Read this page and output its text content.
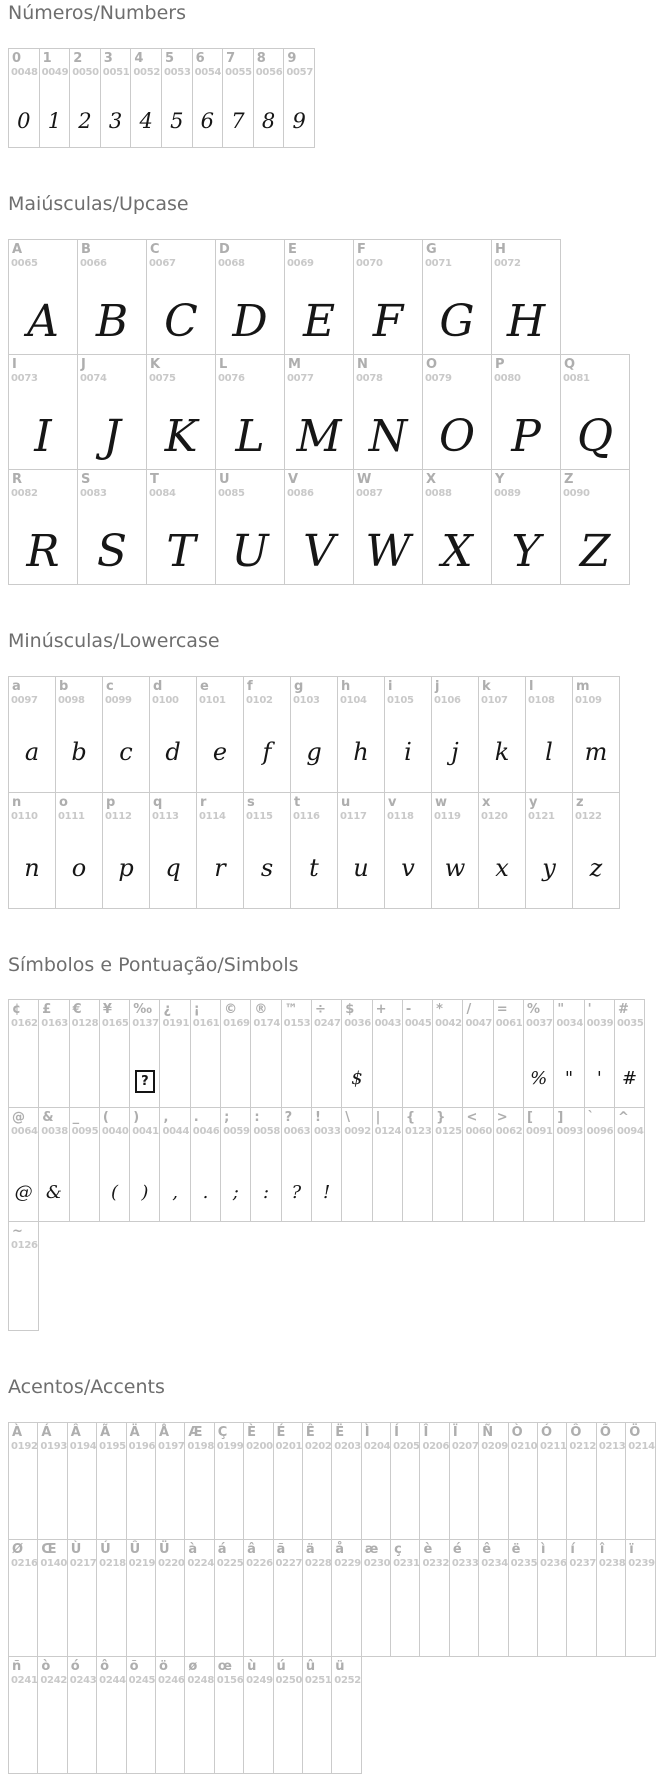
Números/Numbers
0
0048
0
1
0049
1
2
0050
2
3
0051
3
4
0052
4
5
0053
5
6
0054
6
7
0055
7
8
0056
8
9
0057
9
Maiúsculas/Upcase
A
0065
A
B
0066
B
C
0067
C
D
0068
D
E
0069
E
F
0070
F
G
0071
G
H
0072
H
I
0073
I
J
0074
J
K
0075
K
L
0076
L
M
0077
M
N
0078
N
O
0079
O
P
0080
P
Q
0081
Q
R
0082
R
S
0083
S
T
0084
T
U
0085
U
V
0086
V
W
0087
W
X
0088
X
Y
0089
Y
Z
0090
Z
Minúsculas/Lowercase
a
0097
a
b
0098
b
c
0099
c
d
0100
d
e
0101
e
f
0102
f
g
0103
g
h
0104
h
i
0105
i
j
0106
j
k
0107
k
l
0108
l
m
0109
m
n
0110
n
o
0111
o
p
0112
p
q
0113
q
r
0114
r
s
0115
s
t
0116
t
u
0117
u
v
0118
v
w
0119
w
x
0120
x
y
0121
y
z
0122
z
Símbolos e Pontuação/Simbols
¢
0162
£
0163
€
0128
¥
0165
‰
0137
?
¿
0191
¡
0161
©
0169
®
0174
™
0153
÷
0247
$
0036
$
+
0043
-
0045
*
0042
/
0047
=
0061
%
0037
%
"
0034
"
'
0039
'
#
0035
#
@
0064
@
&
0038
&
_
0095
(
0040
(
)
0041
)
,
0044
,
.
0046
.
;
0059
;
:
0058
:
?
0063
?
!
0033
!
\
0092
|
0124
{
0123
}
0125
<
0060
>
0062
[
0091
]
0093
`
0096
^
0094
~
0126
Acentos/Accents
À
0192
Á
0193
Â
0194
Ã
0195
Ä
0196
Å
0197
Æ
0198
Ç
0199
È
0200
É
0201
Ê
0202
Ë
0203
Ì
0204
Í
0205
Î
0206
Ï
0207
Ñ
0209
Ò
0210
Ó
0211
Ô
0212
Õ
0213
Ö
0214
Ø
0216
Œ
0140
Ù
0217
Ú
0218
Û
0219
Ü
0220
à
0224
á
0225
â
0226
ã
0227
ä
0228
å
0229
æ
0230
ç
0231
è
0232
é
0233
ê
0234
ë
0235
ì
0236
í
0237
î
0238
ï
0239
ñ
0241
ò
0242
ó
0243
ô
0244
õ
0245
ö
0246
ø
0248
œ
0156
ù
0249
ú
0250
û
0251
ü
0252
